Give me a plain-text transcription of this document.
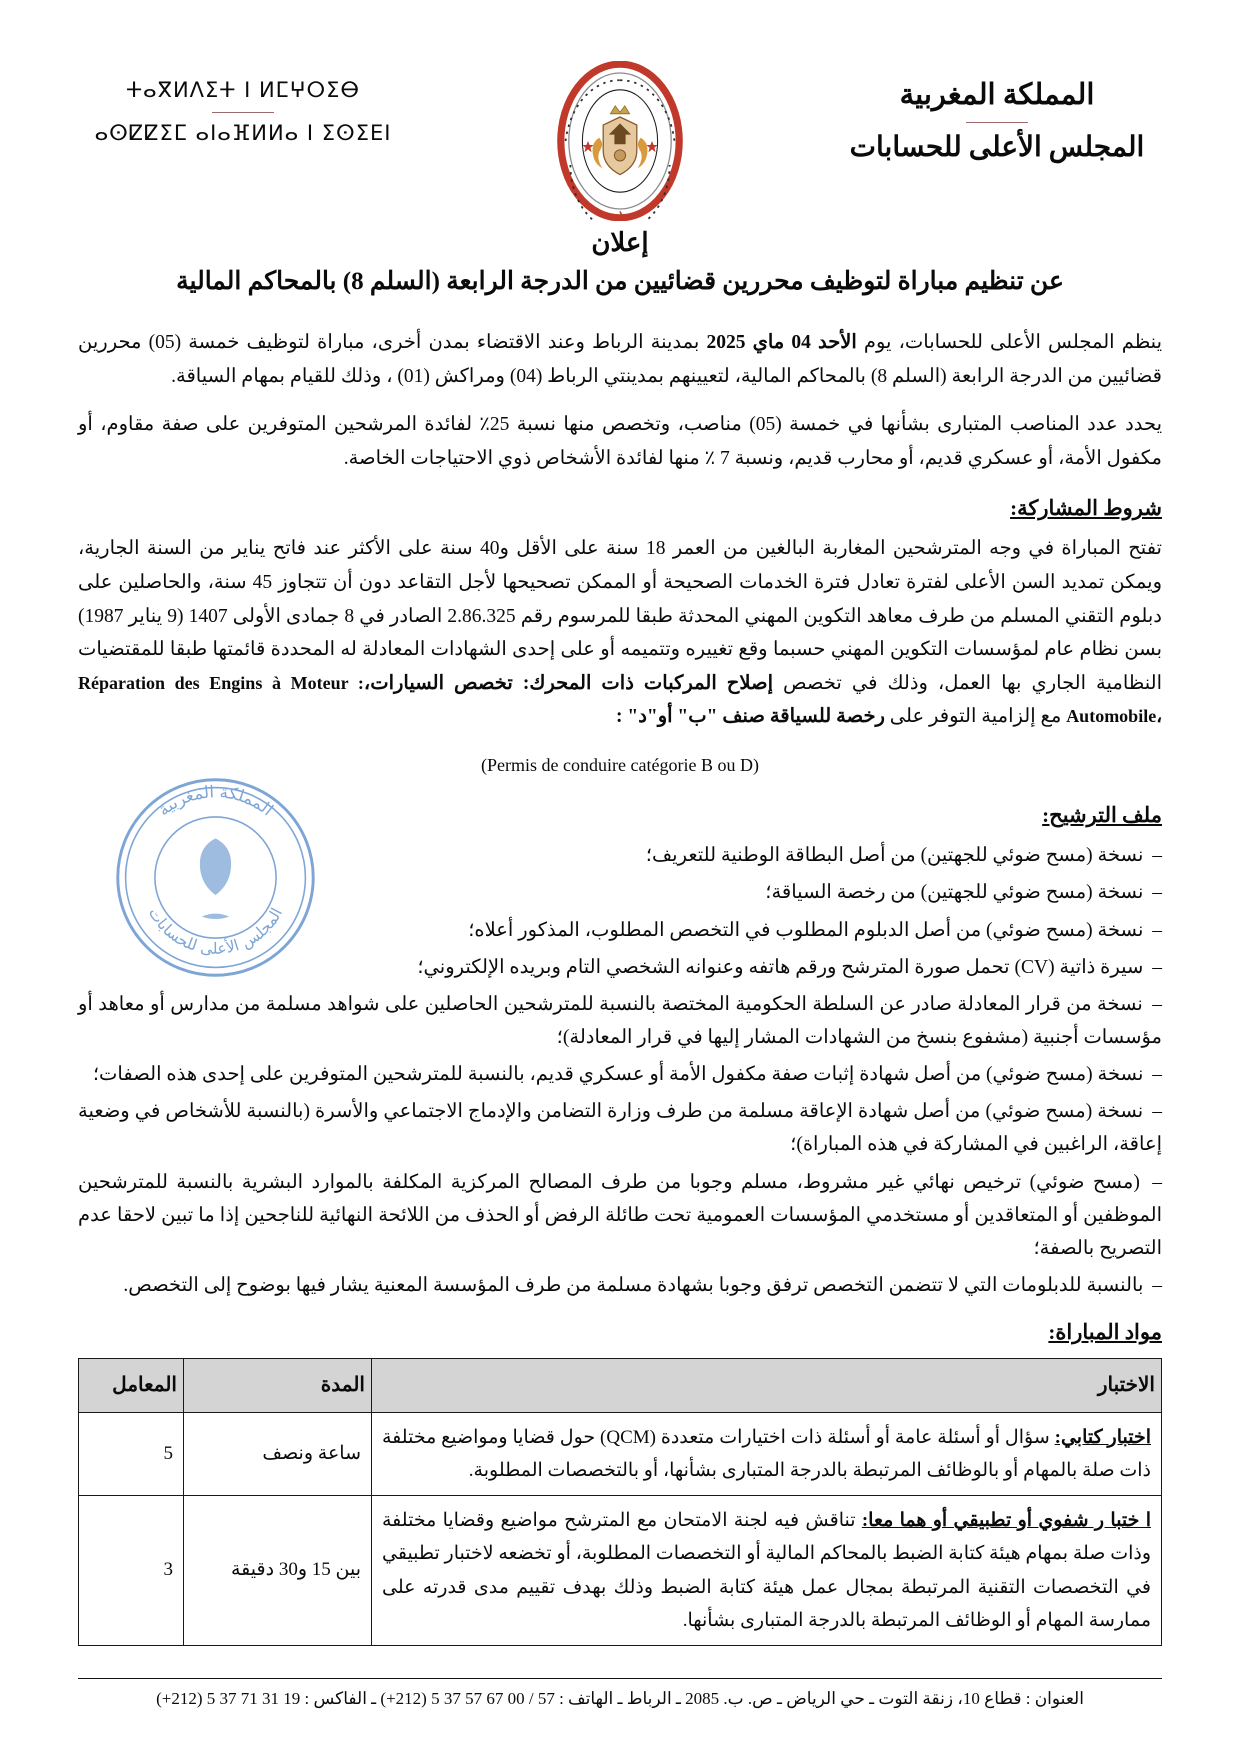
المملكة المغربية
المجلس الأعلى للحسابات
ⵜⴰⴳⵍⴷⵉⵜ ⵏ ⵍⵎⵖⵔⵉⴱ
ⴰⵙⵇⵇⵉⵎ ⴰⵏⴰⴼⵍⵍⴰ ⵏ ⵉⵙⵉⴹⵏ
إعلان
عن تنظيم مباراة لتوظيف محررين قضائيين من الدرجة الرابعة (السلم 8) بالمحاكم المالية

ينظم المجلس الأعلى للحسابات، يوم الأحد 04 ماي 2025 بمدينة الرباط وعند الاقتضاء بمدن أخرى، مباراة لتوظيف خمسة (05) محررين قضائيين من الدرجة الرابعة (السلم 8) بالمحاكم المالية، لتعيينهم بمدينتي الرباط (04) ومراكش (01) ، وذلك للقيام بمهام السياقة.

يحدد عدد المناصب المتبارى بشأنها في خمسة (05) مناصب، وتخصص منها نسبة 25٪ لفائدة المرشحين المتوفرين على صفة مقاوم، أو مكفول الأمة، أو عسكري قديم، أو محارب قديم، ونسبة 7 ٪ منها لفائدة الأشخاص ذوي الاحتياجات الخاصة.

شروط المشاركة:

تفتح المباراة في وجه المترشحين المغاربة البالغين من العمر 18 سنة على الأقل و40 سنة على الأكثر عند فاتح يناير من السنة الجارية، ويمكن تمديد السن الأعلى لفترة تعادل فترة الخدمات الصحيحة أو الممكن تصحيحها لأجل التقاعد دون أن تتجاوز 45 سنة، والحاصلين على دبلوم التقني المسلم من طرف معاهد التكوين المهني المحدثة طبقا للمرسوم رقم 2.86.325 الصادر في 8 جمادى الأولى 1407 (9 يناير 1987) بسن نظام عام لمؤسسات التكوين المهني حسبما وقع تغييره وتتميمه أو على إحدى الشهادات المعادلة له المحددة قائمتها طبقا للمقتضيات النظامية الجاري بها العمل، وذلك في تخصص إصلاح المركبات ذات المحرك: تخصص السيارات،Réparation des Engins à Moteur : Automobile، مع إلزامية التوفر على رخصة للسياقة صنف "ب" أو"د" :

(Permis de conduire catégorie B ou D)

ملف الترشيح:
– نسخة (مسح ضوئي للجهتين) من أصل البطاقة الوطنية للتعريف؛
– نسخة (مسح ضوئي للجهتين) من رخصة السياقة؛
– نسخة (مسح ضوئي) من أصل الدبلوم المطلوب في التخصص المطلوب، المذكور أعلاه؛
– سيرة ذاتية (CV) تحمل صورة المترشح ورقم هاتفه وعنوانه الشخصي التام وبريده الإلكتروني؛
– نسخة من قرار المعادلة صادر عن السلطة الحكومية المختصة بالنسبة للمترشحين الحاصلين على شواهد مسلمة من مدارس أو معاهد أو مؤسسات أجنبية (مشفوع بنسخ من الشهادات المشار إليها في قرار المعادلة)؛
– نسخة (مسح ضوئي) من أصل شهادة إثبات صفة مكفول الأمة أو عسكري قديم، بالنسبة للمترشحين المتوفرين على إحدى هذه الصفات؛
– نسخة (مسح ضوئي) من أصل شهادة الإعاقة مسلمة من طرف وزارة التضامن والإدماج الاجتماعي والأسرة (بالنسبة للأشخاص في وضعية إعاقة، الراغبين في المشاركة في هذه المباراة)؛
– (مسح ضوئي) ترخيص نهائي غير مشروط، مسلم وجوبا من طرف المصالح المركزية المكلفة بالموارد البشرية بالنسبة للمترشحين الموظفين أو المتعاقدين أو مستخدمي المؤسسات العمومية تحت طائلة الرفض أو الحذف من اللائحة النهائية للناجحين إذا ما تبين لاحقا عدم التصريح بالصفة؛
– بالنسبة للدبلومات التي لا تتضمن التخصص ترفق وجوبا بشهادة مسلمة من طرف المؤسسة المعنية يشار فيها بوضوح إلى التخصص.
مواد المباراة:
الاختبار	المدة	المعامل
اختبار كتابي: سؤال أو أسئلة عامة أو أسئلة ذات اختيارات متعددة (QCM) حول قضايا ومواضيع مختلفة ذات صلة بالمهام أو بالوظائف المرتبطة بالدرجة المتبارى بشأنها، أو بالتخصصات المطلوبة.	ساعة ونصف	5
ا ختبا ر شفوي أو تطبيقي أو هما معا: تناقش فيه لجنة الامتحان مع المترشح مواضيع وقضايا مختلفة وذات صلة بمهام هيئة كتابة الضبط بالمحاكم المالية أو التخصصات المطلوبة، أو تخضعه لاختبار تطبيقي في التخصصات التقنية المرتبطة بمجال عمل هيئة كتابة الضبط وذلك بهدف تقييم مدى قدرته على ممارسة المهام أو الوظائف المرتبطة بالدرجة المتبارى بشأنها.	بين 15 و30 دقيقة	3
المملكة المغربية
المجلس الأعلى للحسابات
العنوان : قطاع 10، زنقة التوت ـ حي الرياض ـ ص. ب. 2085 ـ الرباط ـ الهاتف : 57 / 00 67 57 37 5 (212+) ـ الفاكس : 19 31 71 37 5 (212+)
